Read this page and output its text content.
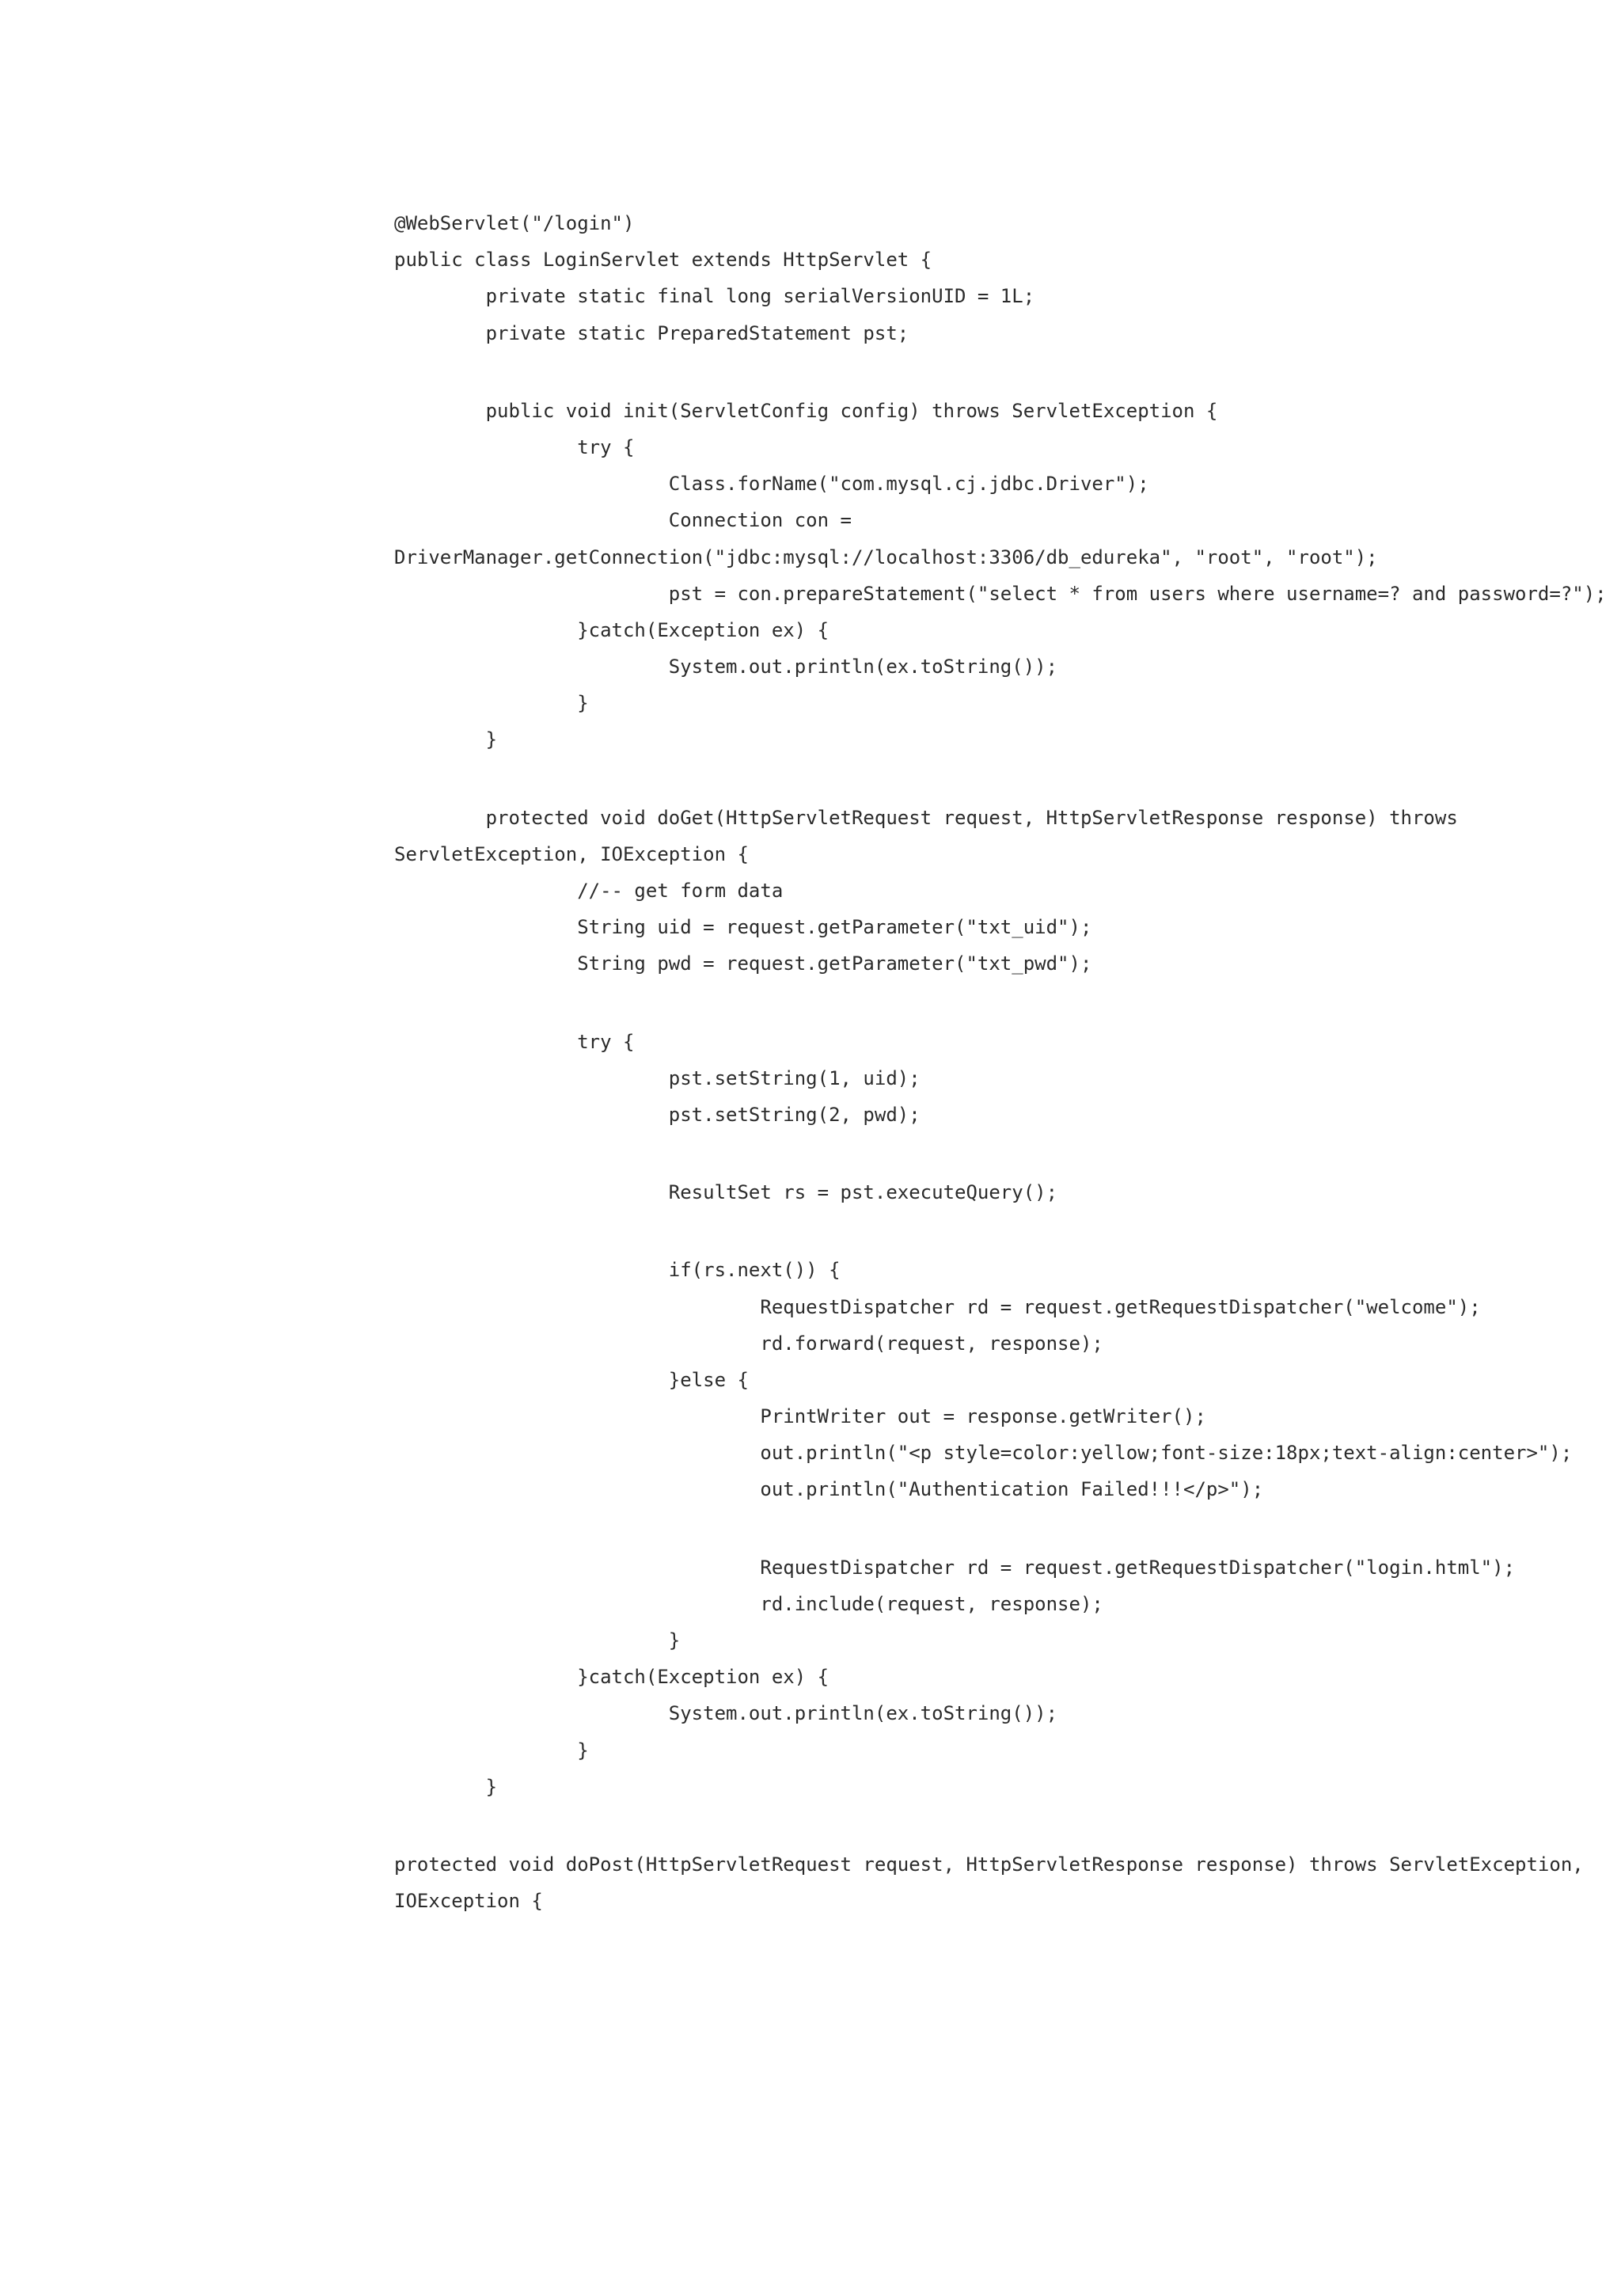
@WebServlet("/login")
public class LoginServlet extends HttpServlet {
private static final long serialVersionUID = 1L;
private static PreparedStatement pst;
public void init(ServletConfig config) throws ServletException {
try {
Class.forName("com.mysql.cj.jdbc.Driver");
Connection con =
DriverManager.getConnection("jdbc:mysql://localhost:3306/db_edureka", "root", "root");
pst = con.prepareStatement("select * from users where username=? and password=?");
}catch(Exception ex) {
System.out.println(ex.toString());
}
}
protected void doGet(HttpServletRequest request, HttpServletResponse response) throws
ServletException, IOException {
//-- get form data
String uid = request.getParameter("txt_uid");
String pwd = request.getParameter("txt_pwd");
try {
pst.setString(1, uid);
pst.setString(2, pwd);
ResultSet rs = pst.executeQuery();
if(rs.next()) {
RequestDispatcher rd = request.getRequestDispatcher("welcome");
rd.forward(request, response);
}else {
PrintWriter out = response.getWriter();
out.println("<p style=color:yellow;font-size:18px;text-align:center>");
out.println("Authentication Failed!!!</p>");
RequestDispatcher rd = request.getRequestDispatcher("login.html");
rd.include(request, response);
}
}catch(Exception ex) {
System.out.println(ex.toString());
}
}
protected void doPost(HttpServletRequest request, HttpServletResponse response) throws ServletException,
IOException {
